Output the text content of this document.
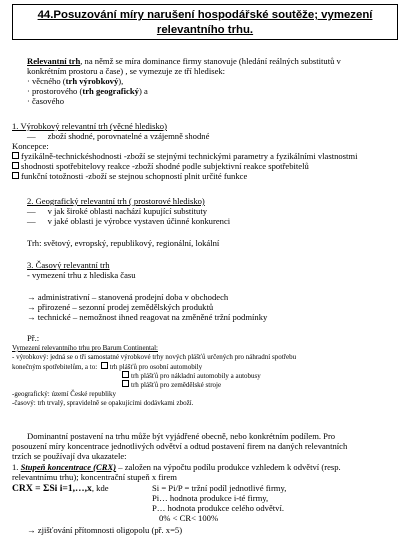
44.Posuzování míry narušení hospodářské soutěže; vymezení
relevantního trhu.
Relevantní trh, na němž se míra dominance firmy stanovuje (hledání reálných substitutů v
konkrétním prostoru a čase) , se vymezuje ze tří hledisek:
· věcného (trh výrobkový),
· prostorového (trh geografický) a
· časového
1. Výrobkový relevantní trh (věcné hledisko)
— zboží shodné, porovnatelné a vzájemně shodné
Koncepce:
fyzikálně-technickéshodnosti -zboží se stejnými technickými parametry a fyzikálními vlastnostmi
shodnosti spotřebitelovy reakce -zboží shodné podle subjektivní reakce spotřebitelů
funkční totožnosti -zboží se stejnou schopností plnit určité funkce
2. Geografický relevantní trh ( prostorové hledisko)
— v jak široké oblasti nachází kupující substituty
— v jaké oblasti je výrobce vystaven účinné konkurenci
Trh: světový, evropský, republikový, regionální, lokální
3. Časový relevantní trh
- vymezení trhu z hlediska času
→ administrativní – stanovená prodejní doba v obchodech
→ přirozené – sezonní prodej zemědělských produktů
→ technické – nemožnost ihned reagovat na změněné tržní podmínky
Př.:
Vymezení relevantního trhu pro Barum Continental:
- výrobkový: jedná se o tři samostatné výrobkové trhy nových plášťů určených pro náhradní spotřebu
konečným spotřebitelům, a to: trh plášťů pro osobní automobily
trh plášťů pro nákladní automobily a autobusy
trh plášťů pro zemědělské stroje
-geografický: území České republiky
-časový: trh trvalý, spravidelně se opakujícími dodávkami zboží.
Dominantní postavení na trhu může být vyjádřené obecně, nebo konkrétním podílem. Pro
posouzení míry koncentrace jednotlivých odvětví a odtud postavení firem na daných relevantních
trzích se používají dva ukazatele:
1. Stupeň koncentrace (CRX) – založen na výpočtu podílu produkce vzhledem k odvětví (resp.
relevantnímu trhu); koncentrační stupeň x firem
CRX = ΣSi i=1,…,x, kde	Si = Pi/P = tržní podíl jednotlivé firmy,
Pi… hodnota produkce i-té firmy,
P… hodnota produkce celého odvětví.
0% < CR< 100%
→ zjišťování přítomnosti oligopolu (př. x=5)
